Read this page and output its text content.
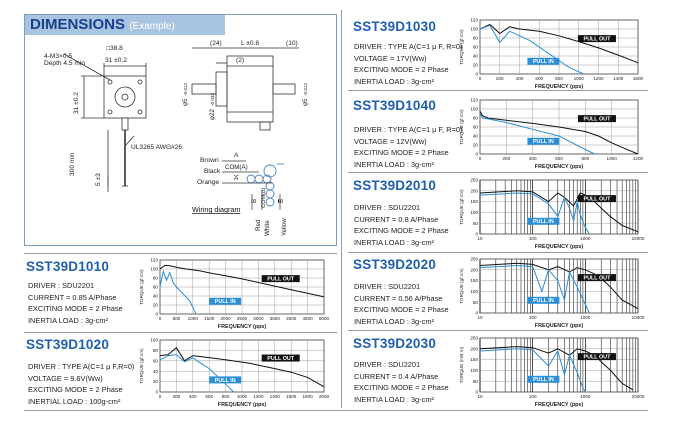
DIMENSIONS (Example)
4-M3×0.5
Depth 4.5 min
□38.8
31 ±0.2
31 ±0.2
UL3265 AWG#26
300 min
5 ±3
(24)	L ±0.8	(10)
(2)
φ5
-0.012
φ5
-0.012
φ22
-0.033
Brown
Black
Orange
A
COM(A)
A
Red White Yellow
B COM(B) B
Wiring diagram
SST39D1010
DRIVER : SDU2201
CURRENT = 0.85 A/Phase
EXCITING MODE = 2 Phase
INERTIA LOAD : 3g-cm²	0 500 1000 1500 2000 2500 3000 3500 4000 4500 5000
0
20
40
60
80
100
120
FREQUENCY (pps)
TORQUE (gf·cm)	PULL OUT
PULL IN
SST39D1020
DRIVER : TYPE A(C=1 μ F,R=0)
VOLTAGE = 9.6V(Ww)
EXCITING MODE = 2 Phase
INERTIAL LOAD : 100g-cm²	0 200 400 600 800 1000 1200 1400 1600 1800 2000
0
20
40
60
80
100
FREQUENCY (pps)
TORQUE (gf·cm)	PULL OUT
PULL IN
SST39D1030
DRIVER : TYPE A(C=1 μ F, R=0)
VOLTAGE = 17V(Ww)
EXCITING MODE = 2 Phase
INERTIA LOAD : 3g-cm²	0	200	400	600	800 1000 1200 1400 1600
0
20
40
60
80
100
120
FREQUENCY (pps)
TORQUE (gf·cm)	PULL OUT
PULL IN
SST39D1040
DRIVER : TYPE A(C=1 μ F, R=0)
VOLTAGE = 12V(Ww)
EXCITING MODE = 2 Phase
INERTIA LOAD : 3g-cm²
0	200	400	600	800	1000	1200
0
20
40
60
80
100
120
FREQUENCY (pps)
TORQUE (gf·cm)	PULL OUT
PULL IN
SST39D2010
DRIVER : SDU2201
CURRENT = 0.8 A/Phase
EXCITING MODE = 2 Phase
INERTIA LOAD : 3g-cm²	10	100	1000	10000
0
50
100
150
200
250
FREQUENCY (pps)
TORQUE (gf·cm)	PULL OUT
PULL IN
SST39D2020
DRIVER : SDU2201
CURRENT = 0.56 A/Phase
EXCITING MODE = 2 Phase
INERTIA LOAD : 3g-cm²	10	100	1000	10000
0
50
100
150
200
250
FREQUENCY (pps)
TORQUE (gf·cm)	PULL OUT
PULL IN
SST39D2030
DRIVER : SDU2201
CURRENT = 0.4 A/Phase
EXCITING MODE = 2 Phase
INERTIA LOAD : 3g-cm²	10	100	1000	10000
0
50
100
150
200
250
FREQUENCY (pps)
TORQUE (mN·m)	PULL OUT
PULL IN
